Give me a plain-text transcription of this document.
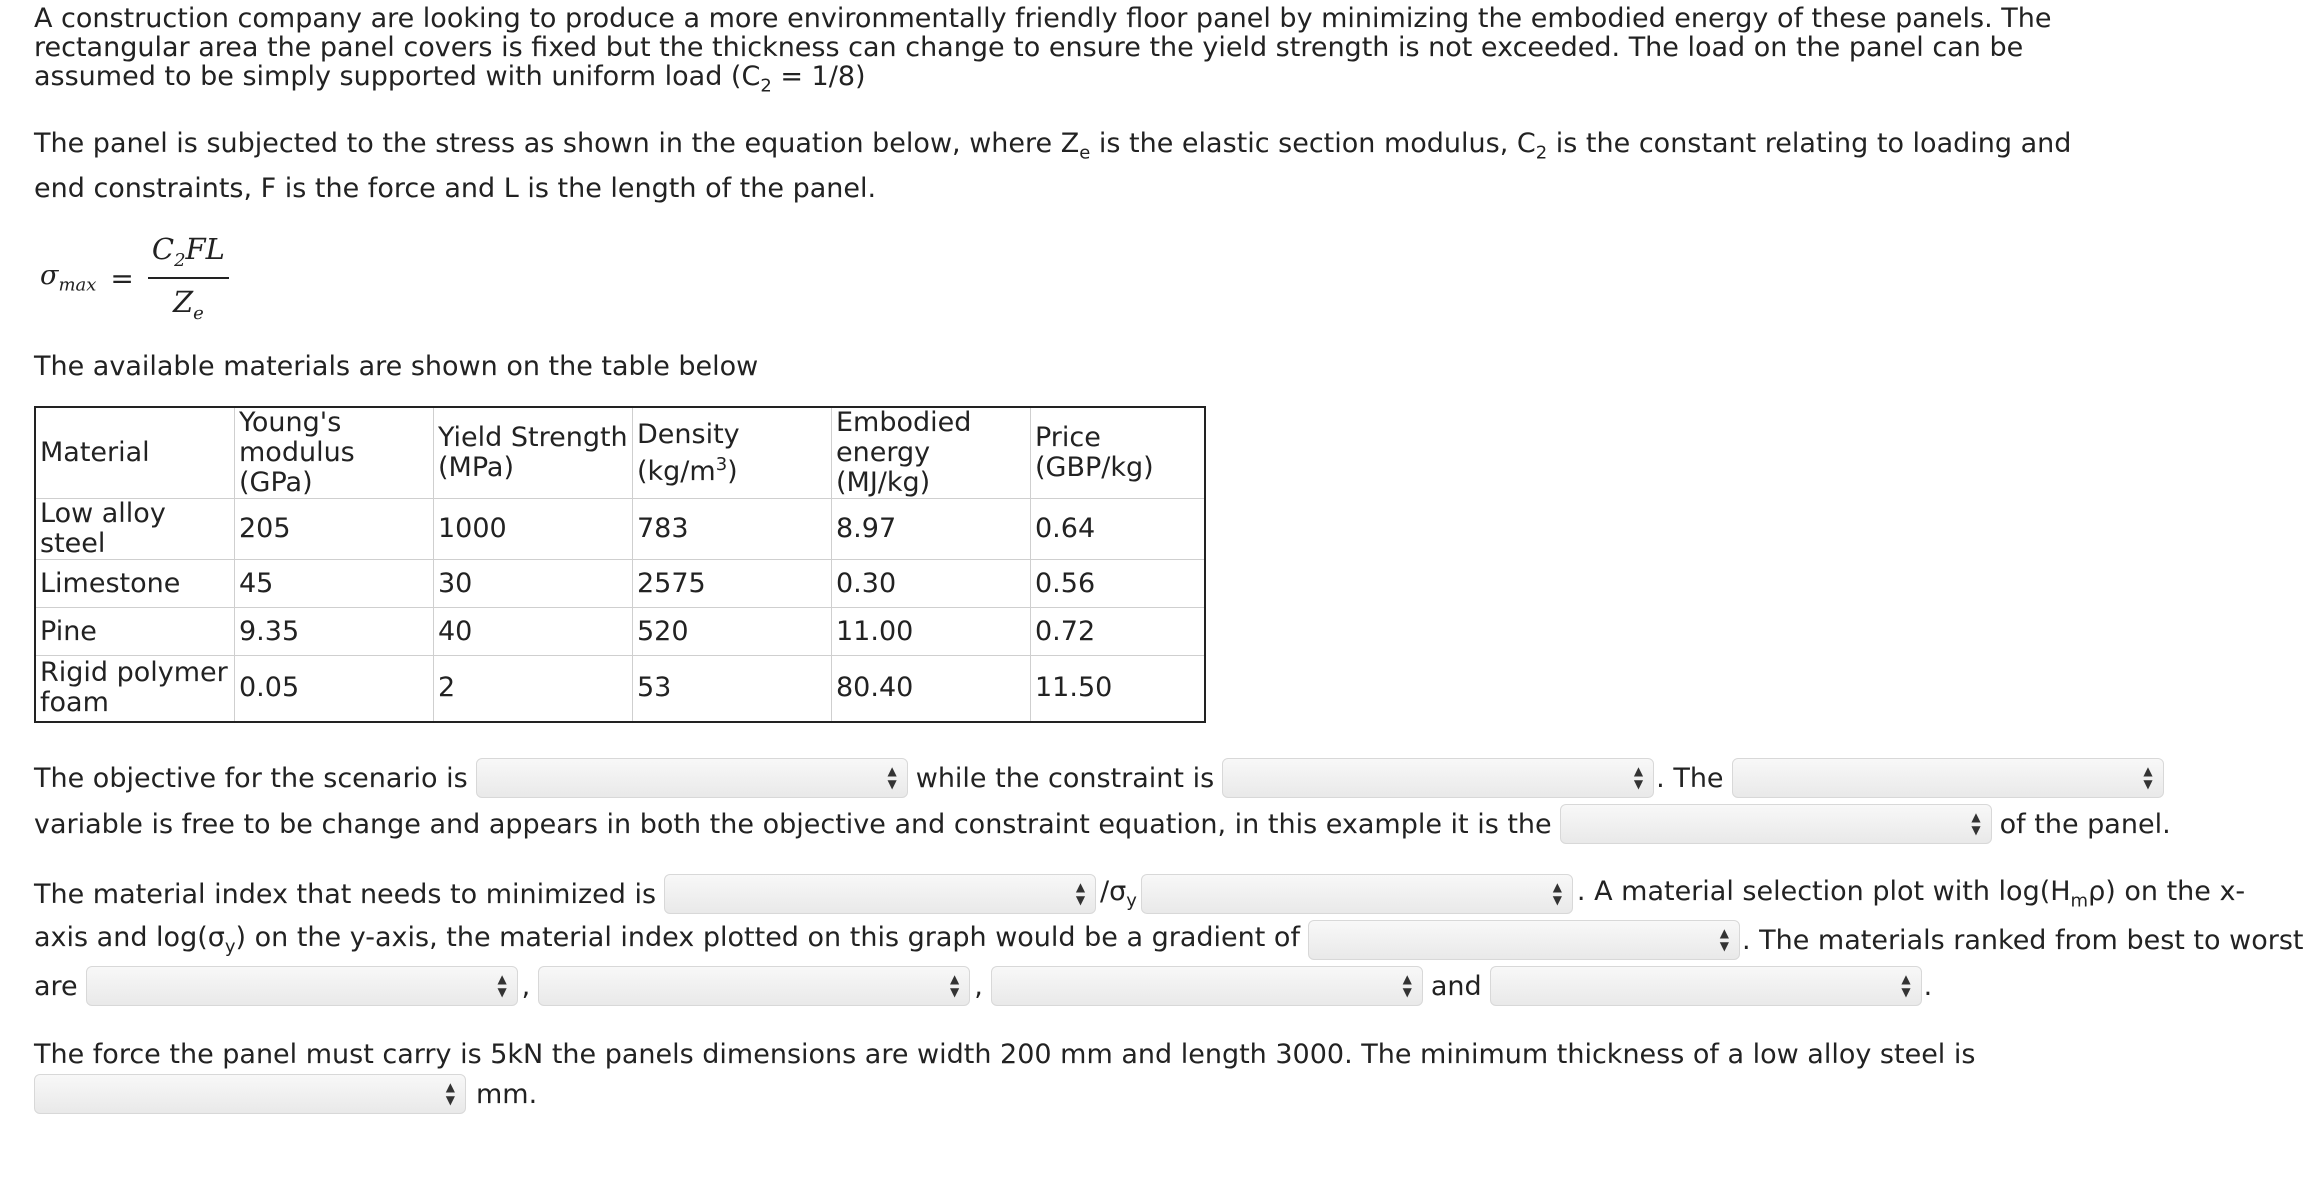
A construction company are looking to produce a more environmentally friendly floor panel by minimizing the embodied energy of these panels. The rectangular area the panel covers is fixed but the thickness can change to ensure the yield strength is not exceeded. The load on the panel can be assumed to be simply supported with uniform load $(C_2 = 1/8)$

The panel is subjected to the stress as shown in the equation below, where $Z_e$ is the elastic section modulus, $C_2$ is the constant relating to loading and end constraints, F is the force and L is the length of the panel.

$\sigma_{max} = \frac{C_2FL}{Z_e}$

The available materials are shown on the table below

Material	Young's modulus (GPa)	Yield Strength (MPa)	Density $(kg/m^3)$	Embodied energy (MJ/kg)	Price (GBP/kg)
Low alloy steel	205	1000	783	8.97	0.64
Limestone	45	30	2575	0.30	0.56
Pine	9.35	40	520	11.00	0.72
Rigid polymer foam	0.05	2	53	80.40	11.50
The objective for the scenario is	▲
▼ while the constraint is	▲
▼ . The	▲
▼
variable is free to be change and appears in both the objective and constraint equation, in this example it is the	▲
▼ of the panel.
The material index that needs to minimized is	▲
▼ $/\sigma_y$
▲
▼ . A material selection plot with $\log(H_m\rho)$ on the x-
axis and $\log(\sigma_y)$ on the y-axis, the material index plotted on this graph would be a gradient of	▲
▼ . The materials ranked from best to worst
are	▲
▼ ,	▲
▼ ,	▲
▼ and	▲
▼ .

The force the panel must carry is 5kN the panels dimensions are width 200 mm and length 3000. The minimum thickness of a low alloy steel is

▲
▼ mm.
